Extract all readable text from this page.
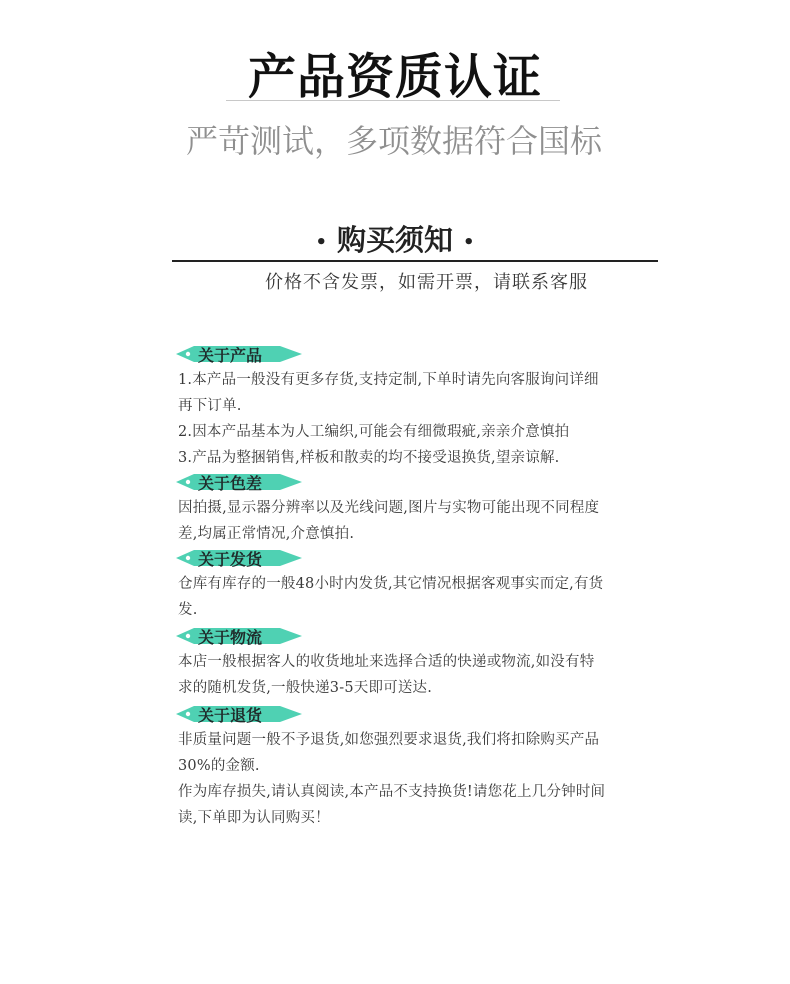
产品资质认证
严苛测试，多项数据符合国标
• 购买须知 •
价格不含发票，如需开票，请联系客服
关于产品
1.本产品一般没有更多存货,支持定制,下单时请先向客服询问详细
再下订单.
2.因本产品基本为人工编织,可能会有细微瑕疵,亲亲介意慎拍
3.产品为整捆销售,样板和散卖的均不接受退换货,望亲谅解.
关于色差
因拍摄,显示器分辨率以及光线问题,图片与实物可能出现不同程度
差,均属正常情况,介意慎拍.
关于发货
仓库有库存的一般48小时内发货,其它情况根据客观事实而定,有货
发.
关于物流
本店一般根据客人的收货地址来选择合适的快递或物流,如没有特
求的随机发货,一般快递3-5天即可送达.
关于退货
非质量问题一般不予退货,如您强烈要求退货,我们将扣除购买产品
30%的金额.
作为库存损失,请认真阅读,本产品不支持换货!请您花上几分钟时间
读,下单即为认同购买！
